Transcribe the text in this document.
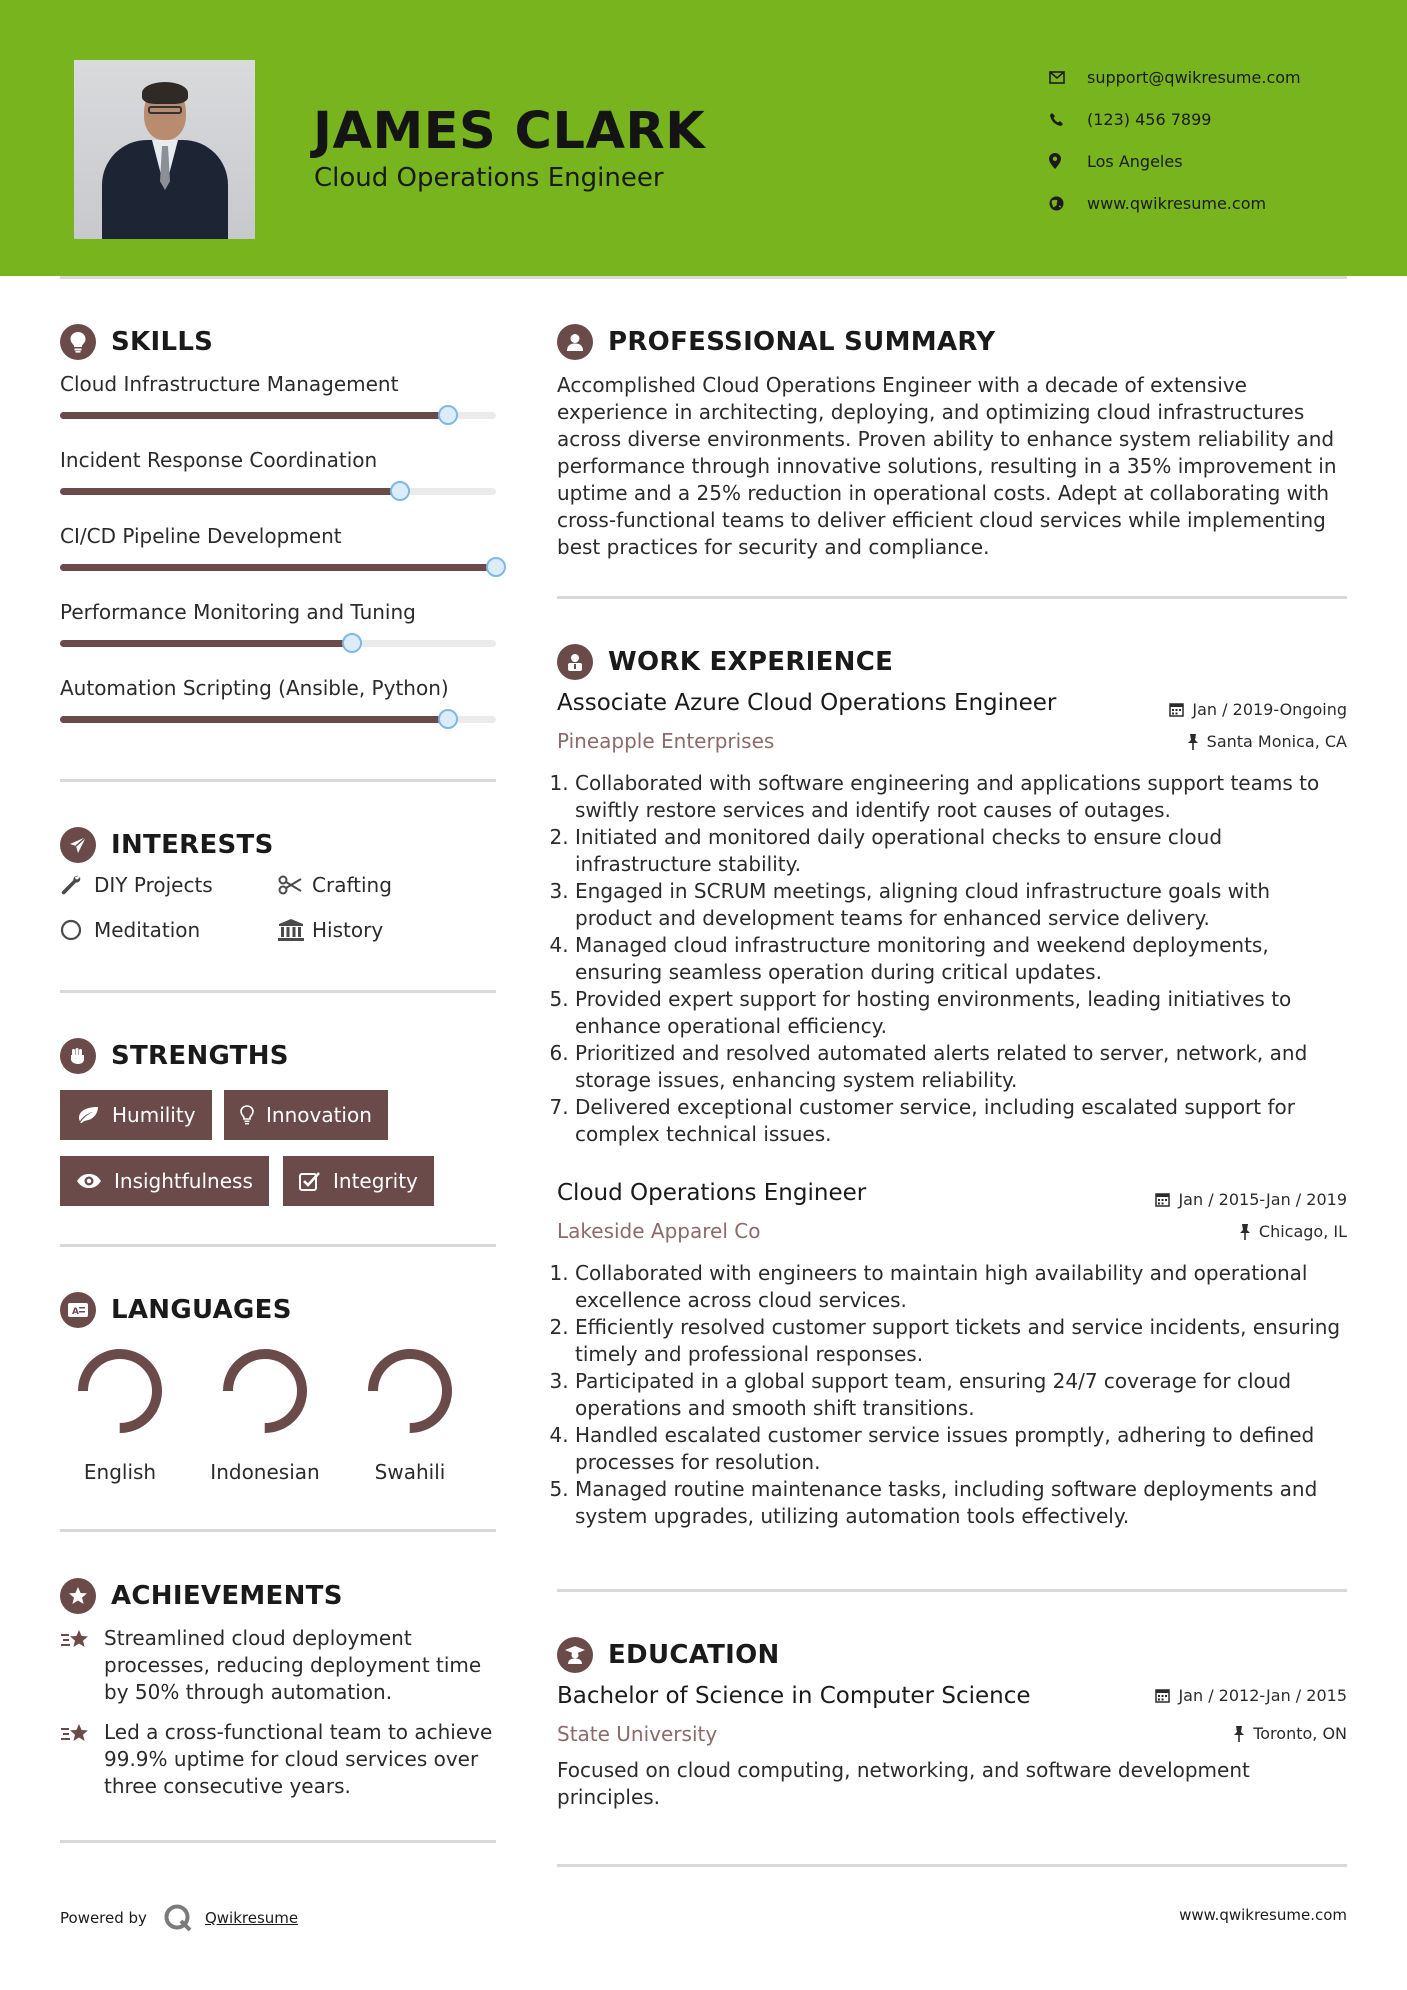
JAMES CLARK
Cloud Operations Engineer
support@qwikresume.com
(123) 456 7899
Los Angeles
www.qwikresume.com
SKILLS
Cloud Infrastructure Management
Incident Response Coordination
CI/CD Pipeline Development
Performance Monitoring and Tuning
Automation Scripting (Ansible, Python)
INTERESTS
DIY Projects	Crafting
Meditation	History
STRENGTHS
Humility	Innovation
Insightfulness	Integrity
A LANGUAGES
English	Indonesian	Swahili
ACHIEVEMENTS
Streamlined cloud deployment processes, reducing deployment time by 50% through automation.
Led a cross-functional team to achieve 99.9% uptime for cloud services over three consecutive years.
PROFESSIONAL SUMMARY
Accomplished Cloud Operations Engineer with a decade of extensive experience in architecting, deploying, and optimizing cloud infrastructures across diverse environments. Proven ability to enhance system reliability and performance through innovative solutions, resulting in a 35% improvement in uptime and a 25% reduction in operational costs. Adept at collaborating with cross-functional teams to deliver efficient cloud services while implementing best practices for security and compliance.
WORK EXPERIENCE
Associate Azure Cloud Operations Engineer
Pineapple Enterprises
Jan / 2019-Ongoing
Santa Monica, CA
1. Collaborated with software engineering and applications support teams to swiftly restore services and identify root causes of outages.
2. Initiated and monitored daily operational checks to ensure cloud infrastructure stability.
3. Engaged in SCRUM meetings, aligning cloud infrastructure goals with product and development teams for enhanced service delivery.
4. Managed cloud infrastructure monitoring and weekend deployments, ensuring seamless operation during critical updates.
5. Provided expert support for hosting environments, leading initiatives to enhance operational efficiency.
6. Prioritized and resolved automated alerts related to server, network, and storage issues, enhancing system reliability.
7. Delivered exceptional customer service, including escalated support for complex technical issues.
Cloud Operations Engineer
Lakeside Apparel Co
Jan / 2015-Jan / 2019
Chicago, IL
1. Collaborated with engineers to maintain high availability and operational excellence across cloud services.
2. Efficiently resolved customer support tickets and service incidents, ensuring timely and professional responses.
3. Participated in a global support team, ensuring 24/7 coverage for cloud operations and smooth shift transitions.
4. Handled escalated customer service issues promptly, adhering to defined processes for resolution.
5. Managed routine maintenance tasks, including software deployments and system upgrades, utilizing automation tools effectively.
EDUCATION
Bachelor of Science in Computer Science
State University
Jan / 2012-Jan / 2015
Toronto, ON
Focused on cloud computing, networking, and software development principles.
Powered by	Qwikresume	www.qwikresume.com
